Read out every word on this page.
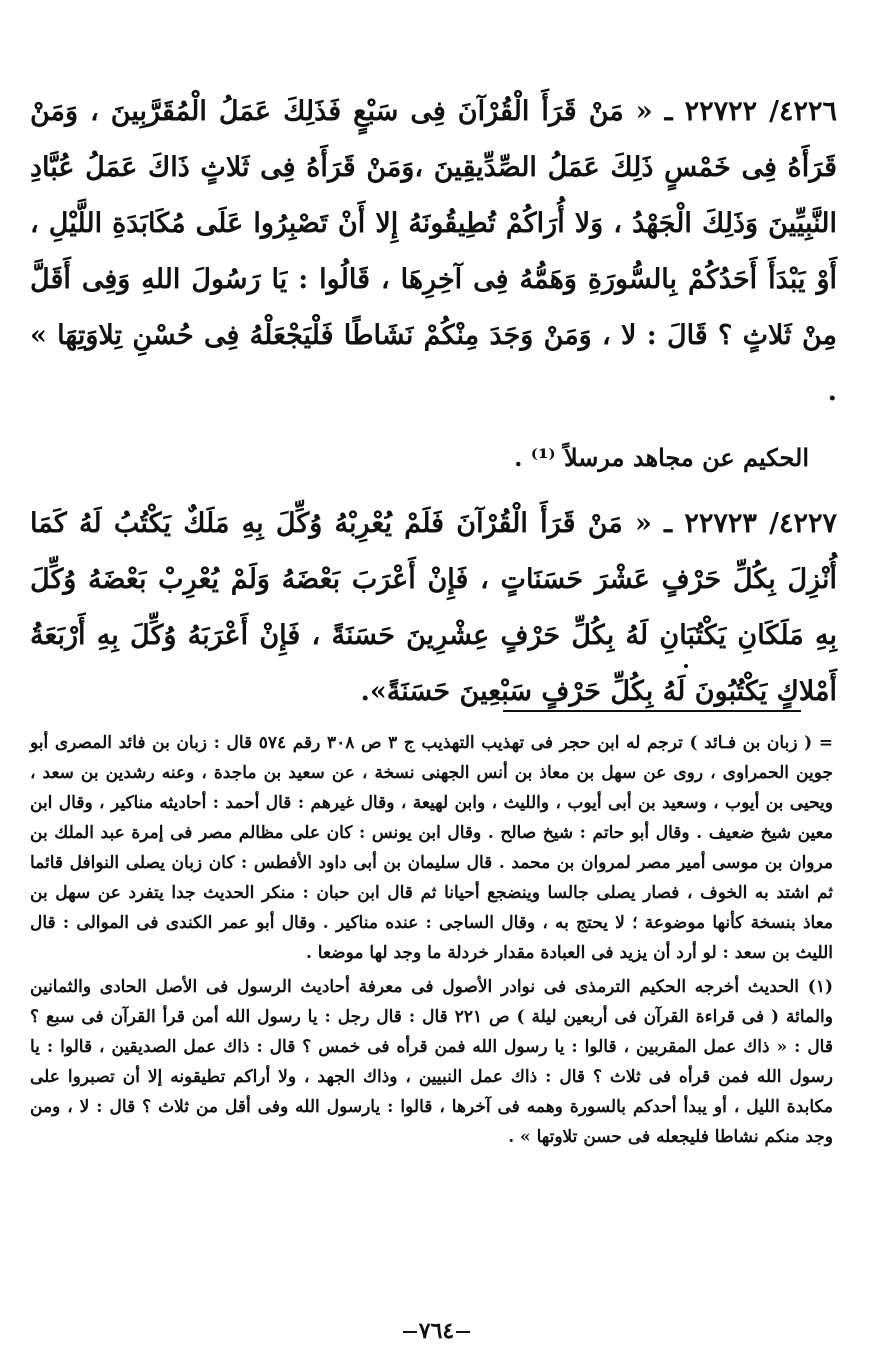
٤٢٢٦/ ٢٢٧٢٢ ـ « مَنْ قَرَأَ الْقُرْآنَ فِى سَبْعٍ فَذَلِكَ عَمَلُ الْمُقَرَّبِينَ ، وَمَنْ قَرَأَهُ فِى خَمْسٍ ذَلِكَ عَمَلُ الصِّدِّيقِينَ ،وَمَنْ قَرَأَهُ فِى ثَلاثٍ ذَاكَ عَمَلُ عُبَّادِ النَّبِيِّينَ وَذَلِكَ الْجَهْدُ ، وَلا أُرَاكُمْ تُطِيقُونَهُ إِلا أَنْ تَصْبِرُوا عَلَى مُكَابَدَةِ اللَّيْلِ ، أَوْ يَبْدَأَ أَحَدُكُمْ بِالسُّورَةِ وَهَمُّهُ فِى آخِرِهَا ، قَالُوا : يَا رَسُولَ اللهِ وَفِى أَقَلَّ مِنْ ثَلاثٍ ؟ قَالَ : لا ، وَمَنْ وَجَدَ مِنْكُمْ نَشَاطًا فَلْيَجْعَلْهُ فِى حُسْنِ تِلاوَتِهَا » .

الحكيم عن مجاهد مرسلاً ⁽¹⁾ .

٤٢٢٧/ ٢٢٧٢٣ ـ « مَنْ قَرَأَ الْقُرْآنَ فَلَمْ يُعْرِبْهُ وُكِّلَ بِهِ مَلَكٌ يَكْتُبُ لَهُ كَمَا أُنْزِلَ بِكُلِّ حَرْفٍ عَشْرَ حَسَنَاتٍ ، فَإِنْ أَعْرَبَ بَعْضَهُ وَلَمْ يُعْرِبْ بَعْضَهُ وُكِّلَ بِهِ مَلَكَانِ يَكْتُبَانِ لَهُ بِكُلِّ حَرْفٍ عِشْرِينَ حَسَنَةً ، فَإِنْ أَعْرَبَهُ وُكِّلَ بِهِ أَرْبَعَةُ أَمْلاكٍ يَكْتُبُونَ لَهُ بِكُلِّ حَرْفٍ سَبْعِينَ حَسَنَةً».

= ( زبان بن فـائد ) ترجم له ابن حجر فى تهذيب التهذيب ج ٣ ص ٣٠٨ رقم ٥٧٤ قال : زبان بن فائد المصرى أبو جوين الحمراوى ، روى عن سهل بن معاذ بن أنس الجهنى نسخة ، عن سعيد بن ماجدة ، وعنه رشدين بن سعد ، ويحيى بن أيوب ، وسعيد بن أبى أيوب ، والليث ، وابن لهيعة ، وقال غيرهم : قال أحمد : أحاديثه مناكير ، وقال ابن معين شيخ ضعيف . وقال أبو حاتم : شيخ صالح . وقال ابن يونس : كان على مظالم مصر فى إمرة عبد الملك بن مروان بن موسى أمير مصر لمروان بن محمد . قال سليمان بن أبى داود الأفطس : كان زبان يصلى النوافل قائما ثم اشتد به الخوف ، فصار يصلى جالسا وينضجع أحيانا ثم قال ابن حبان : منكر الحديث جدا يتفرد عن سهل بن معاذ بنسخة كأنها موضوعة ؛ لا يحتج به ، وقال الساجى : عنده مناكير . وقال أبو عمر الكندى فى الموالى : قال الليث بن سعد : لو أرد أن يزيد فى العبادة مقدار خردلة ما وجد لها موضعا .

(١) الحديث أخرجه الحكيم الترمذى فى نوادر الأصول فى معرفة أحاديث الرسول فى الأصل الحادى والثمانين والمائة ( فى قراءة القرآن فى أربعين ليلة ) ص ٢٢١ قال : قال رجل : يا رسول الله أمن قرأ القرآن فى سبع ؟ قال : « ذاك عمل المقربين ، قالوا : يا رسول الله فمن قرأه فى خمس ؟ قال : ذاك عمل الصديقين ، قالوا : يا رسول الله فمن قرأه فى ثلاث ؟ قال : ذاك عمل النبيين ، وذاك الجهد ، ولا أراكم تطيقونه إلا أن تصبروا على مكابدة الليل ، أو يبدأ أحدكم بالسورة وهمه فى آخرها ، قالوا : يارسول الله وفى أقل من ثلاث ؟ قال : لا ، ومن وجد منكم نشاطا فليجعله فى حسن تلاوتها » .

٧٦٤
